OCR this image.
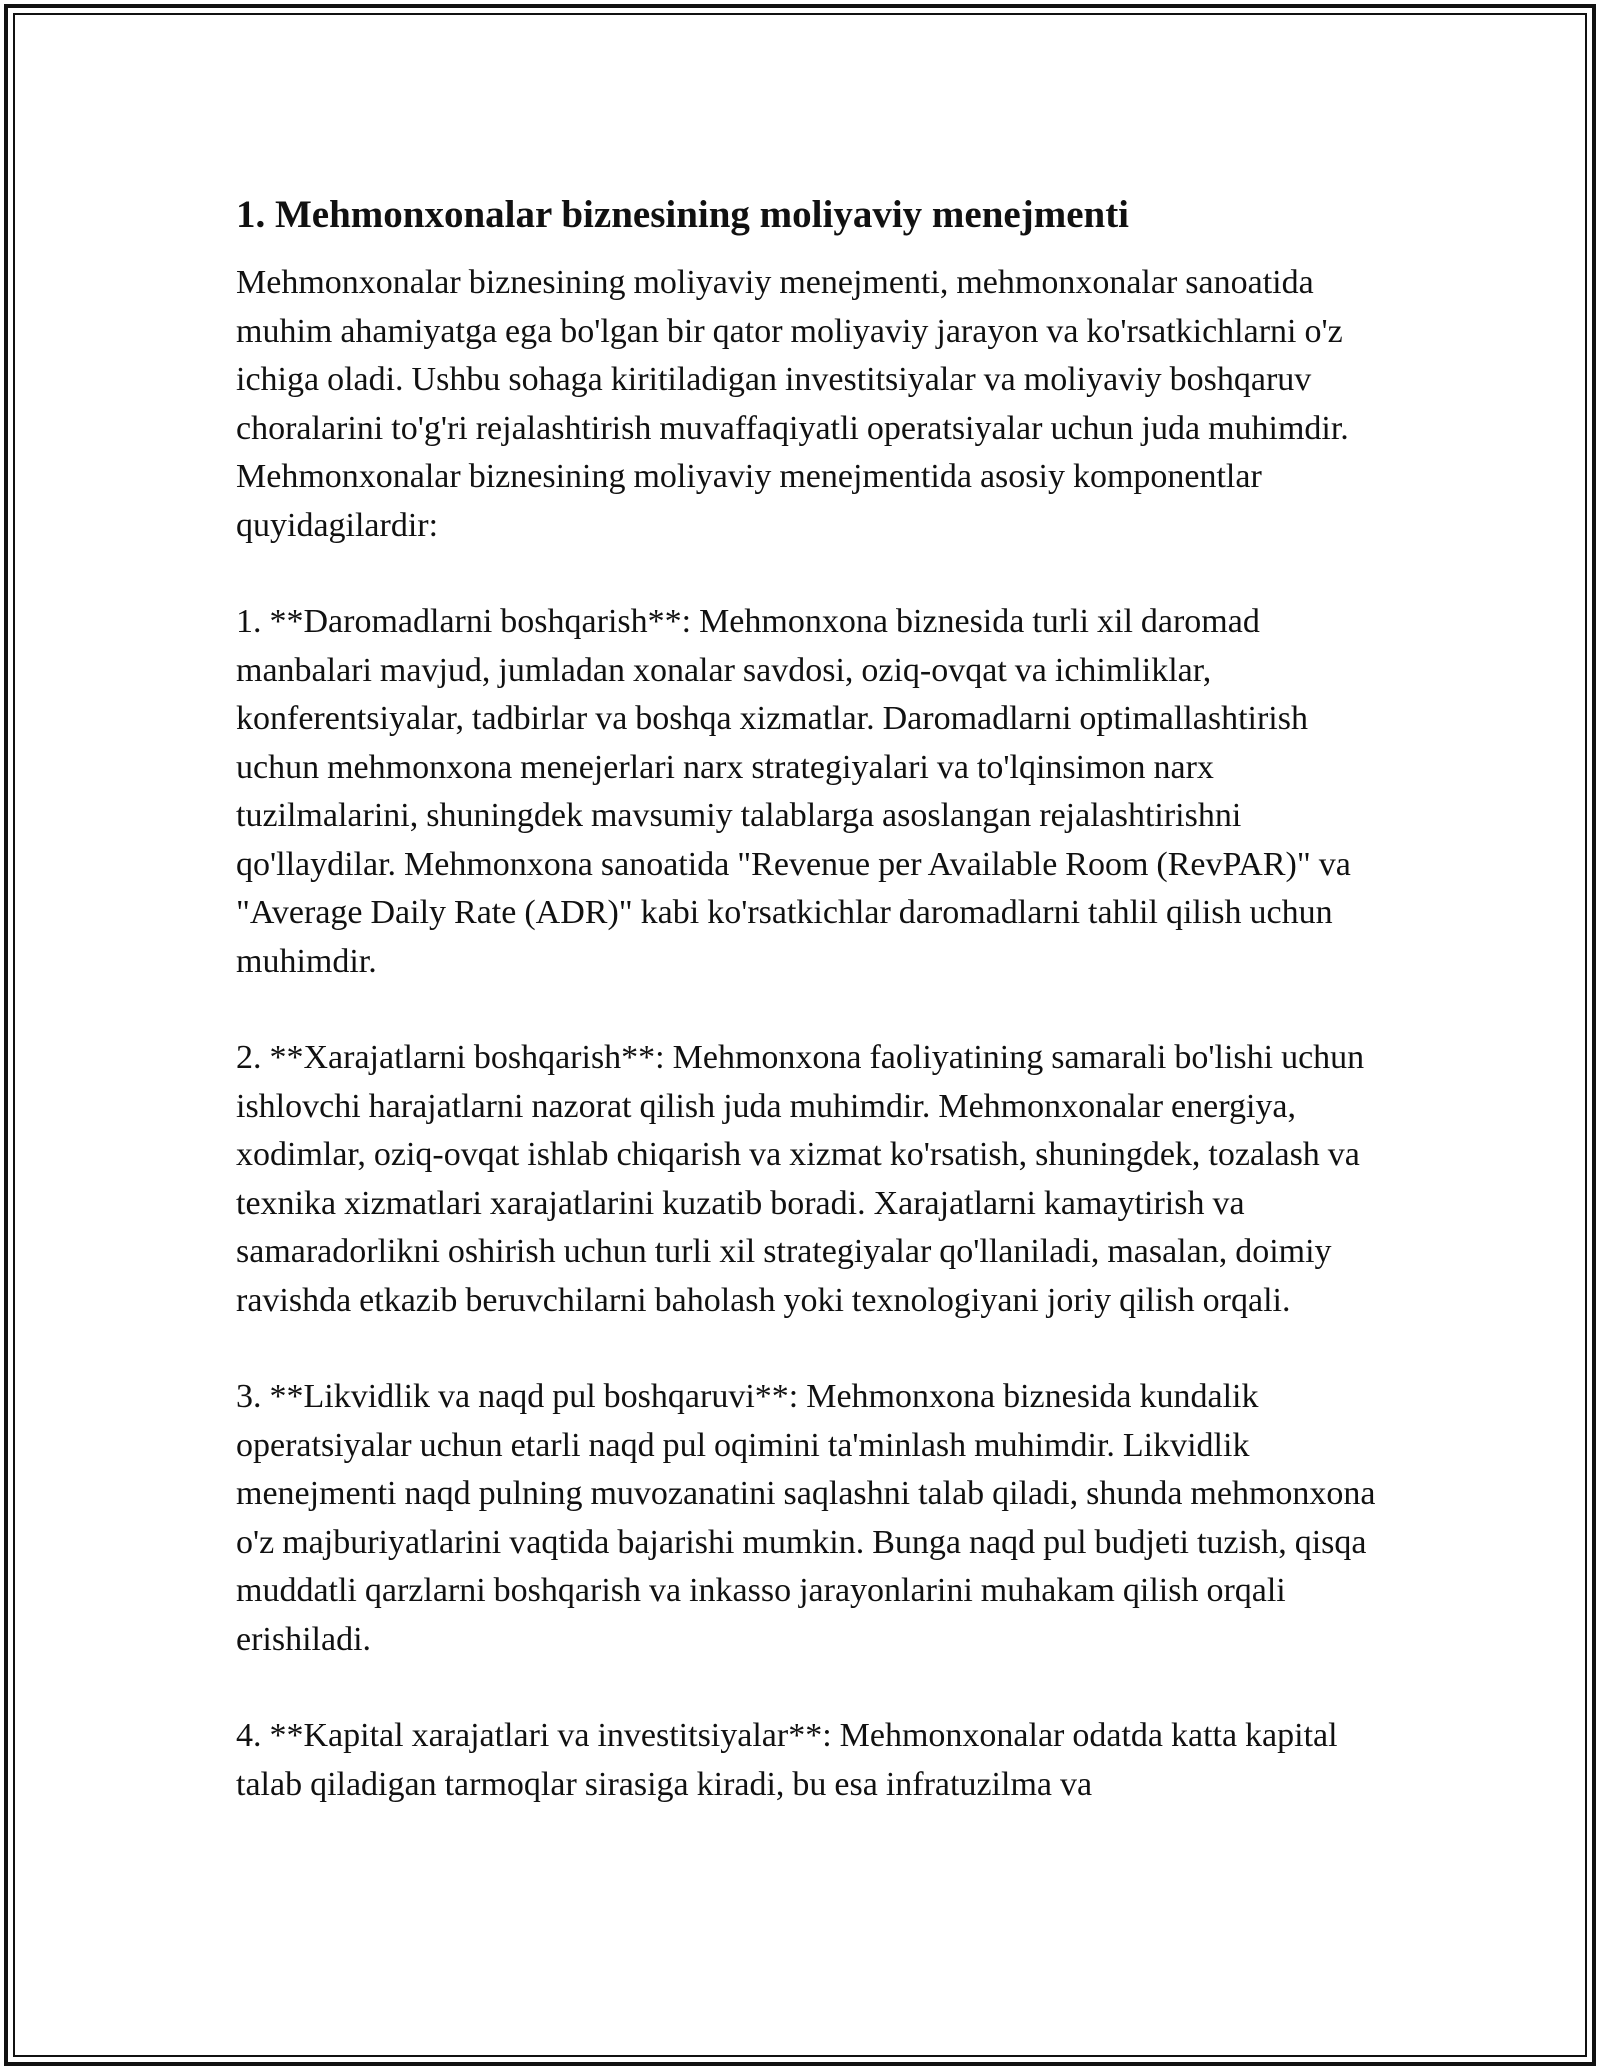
1. Mehmonxonalar biznesining moliyaviy menejmenti

Mehmonxonalar biznesining moliyaviy menejmenti, mehmonxonalar sanoatida muhim ahamiyatga ega bo'lgan bir qator moliyaviy jarayon va ko'rsatkichlarni o'z ichiga oladi. Ushbu sohaga kiritiladigan investitsiyalar va moliyaviy boshqaruv choralarini to'g'ri rejalashtirish muvaffaqiyatli operatsiyalar uchun juda muhimdir. Mehmonxonalar biznesining moliyaviy menejmentida asosiy komponentlar quyidagilardir:

1. **Daromadlarni boshqarish**: Mehmonxona biznesida turli xil daromad manbalari mavjud, jumladan xonalar savdosi, oziq-ovqat va ichimliklar, konferentsiyalar, tadbirlar va boshqa xizmatlar. Daromadlarni optimallashtirish uchun mehmonxona menejerlari narx strategiyalari va to'lqinsimon narx tuzilmalarini, shuningdek mavsumiy talablarga asoslangan rejalashtirishni qo'llaydilar. Mehmonxona sanoatida "Revenue per Available Room (RevPAR)" va "Average Daily Rate (ADR)" kabi ko'rsatkichlar daromadlarni tahlil qilish uchun muhimdir.

2. **Xarajatlarni boshqarish**: Mehmonxona faoliyatining samarali bo'lishi uchun ishlovchi harajatlarni nazorat qilish juda muhimdir. Mehmonxonalar energiya, xodimlar, oziq-ovqat ishlab chiqarish va xizmat ko'rsatish, shuningdek, tozalash va texnika xizmatlari xarajatlarini kuzatib boradi. Xarajatlarni kamaytirish va samaradorlikni oshirish uchun turli xil strategiyalar qo'llaniladi, masalan, doimiy ravishda etkazib beruvchilarni baholash yoki texnologiyani joriy qilish orqali.

3. **Likvidlik va naqd pul boshqaruvi**: Mehmonxona biznesida kundalik operatsiyalar uchun etarli naqd pul oqimini ta'minlash muhimdir. Likvidlik menejmenti naqd pulning muvozanatini saqlashni talab qiladi, shunda mehmonxona o'z majburiyatlarini vaqtida bajarishi mumkin. Bunga naqd pul budjeti tuzish, qisqa muddatli qarzlarni boshqarish va inkasso jarayonlarini muhakam qilish orqali erishiladi.

4. **Kapital xarajatlari va investitsiyalar**: Mehmonxonalar odatda katta kapital talab qiladigan tarmoqlar sirasiga kiradi, bu esa infratuzilma va
